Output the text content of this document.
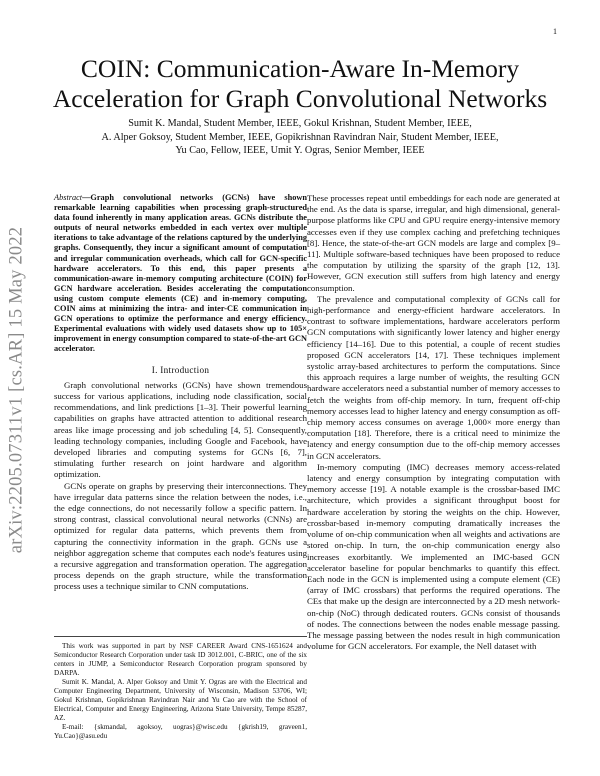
1
arXiv:2205.07311v1 [cs.AR] 15 May 2022
COIN: Communication-Aware In-Memory
Acceleration for Graph Convolutional Networks
Sumit K. Mandal, Student Member, IEEE, Gokul Krishnan, Student Member, IEEE,
A. Alper Goksoy, Student Member, IEEE, Gopikrishnan Ravindran Nair, Student Member, IEEE,
Yu Cao, Fellow, IEEE, Umit Y. Ogras, Senior Member, IEEE
Abstract—Graph convolutional networks (GCNs) have shown remarkable learning capabilities when processing graph-structured data found inherently in many application areas. GCNs distribute the outputs of neural networks embedded in each vertex over multiple iterations to take advantage of the relations captured by the underlying graphs. Consequently, they incur a significant amount of computation and irregular communication overheads, which call for GCN-specific hardware accelerators. To this end, this paper presents a communication-aware in-memory computing architecture (COIN) for GCN hardware acceleration. Besides accelerating the computation using custom compute elements (CE) and in-memory computing, COIN aims at minimizing the intra- and inter-CE communication in GCN operations to optimize the performance and energy efficiency. Experimental evaluations with widely used datasets show up to 105× improvement in energy consumption compared to state-of-the-art GCN accelerator.
I. Introduction

Graph convolutional networks (GCNs) have shown tremendous success for various applications, including node classification, social recommendations, and link predictions [1–3]. Their powerful learning capabilities on graphs have attracted attention to additional research areas like image processing and job scheduling [4, 5]. Consequently, leading technology companies, including Google and Facebook, have developed libraries and computing systems for GCNs [6, 7], stimulating further research on joint hardware and algorithm optimization.

GCNs operate on graphs by preserving their interconnections. They have irregular data patterns since the relation between the nodes, i.e., the edge connections, do not necessarily follow a specific pattern. In strong contrast, classical convolutional neural networks (CNNs) are optimized for regular data patterns, which prevents them from capturing the connectivity information in the graph. GCNs use a neighbor aggregation scheme that computes each node's features using a recursive aggregation and transformation operation. The aggregation process depends on the graph structure, while the transformation process uses a technique similar to CNN computations.

This work was supported in part by NSF CAREER Award CNS-1651624 and Semiconductor Research Corporation under task ID 3012.001, C-BRIC, one of the six centers in JUMP, a Semiconductor Research Corporation program sponsored by DARPA.

Sumit K. Mandal, A. Alper Goksoy and Umit Y. Ogras are with the Electrical and Computer Engineering Department, University of Wisconsin, Madison 53706, WI; Gokul Krishnan, Gopikrishnan Ravindran Nair and Yu Cao are with the School of Electrical, Computer and Energy Engineering, Arizona State University, Tempe 85287, AZ.

E-mail: {skmandal, agoksoy, uogras}@wisc.edu {gkrish19, graveen1, Yu.Cao}@asu.edu

These processes repeat until embeddings for each node are generated at the end. As the data is sparse, irregular, and high dimensional, general-purpose platforms like CPU and GPU require energy-intensive memory accesses even if they use complex caching and prefetching techniques [8]. Hence, the state-of-the-art GCN models are large and complex [9–11]. Multiple software-based techniques have been proposed to reduce the computation by utilizing the sparsity of the graph [12, 13]. However, GCN execution still suffers from high latency and energy consumption.

The prevalence and computational complexity of GCNs call for high-performance and energy-efficient hardware accelerators. In contrast to software implementations, hardware accelerators perform GCN computations with significantly lower latency and higher energy efficiency [14–16]. Due to this potential, a couple of recent studies proposed GCN accelerators [14, 17]. These techniques implement systolic array-based architectures to perform the computations. Since this approach requires a large number of weights, the resulting GCN hardware accelerators need a substantial number of memory accesses to fetch the weights from off-chip memory. In turn, frequent off-chip memory accesses lead to higher latency and energy consumption as off-chip memory access consumes on average 1,000× more energy than computation [18]. Therefore, there is a critical need to minimize the latency and energy consumption due to the off-chip memory accesses in GCN accelerators.

In-memory computing (IMC) decreases memory access-related latency and energy consumption by integrating computation with memory accesse [19]. A notable example is the crossbar-based IMC architecture, which provides a significant throughput boost for hardware acceleration by storing the weights on the chip. However, crossbar-based in-memory computing dramatically increases the volume of on-chip communication when all weights and activations are stored on-chip. In turn, the on-chip communication energy also increases exorbitantly. We implemented an IMC-based GCN accelerator baseline for popular benchmarks to quantify this effect. Each node in the GCN is implemented using a compute element (CE) (array of IMC crossbars) that performs the required operations. The CEs that make up the design are interconnected by a 2D mesh network-on-chip (NoC) through dedicated routers. GCNs consist of thousands of nodes. The connections between the nodes enable message passing. The message passing between the nodes result in high communication volume for GCN accelerators. For example, the Nell dataset with
